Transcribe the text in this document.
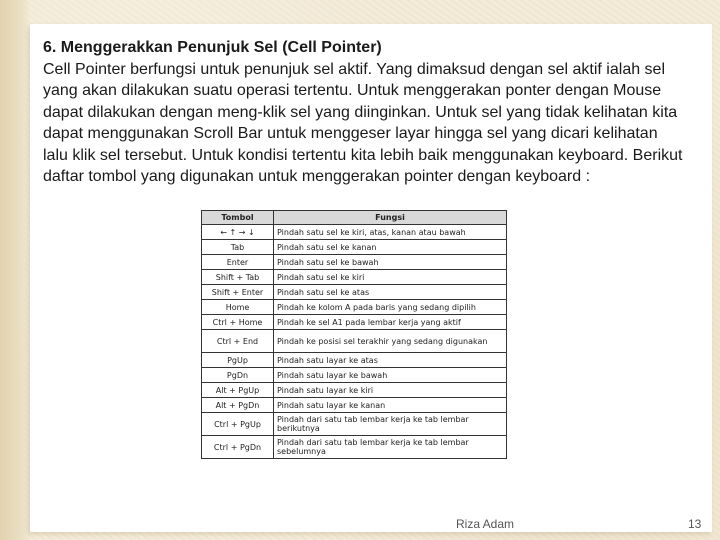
6. Menggerakkan Penunjuk Sel (Cell Pointer)
Cell Pointer berfungsi untuk penunjuk sel aktif. Yang dimaksud dengan sel aktif ialah sel yang akan dilakukan suatu operasi tertentu. Untuk menggerakan ponter dengan Mouse dapat dilakukan dengan meng-klik sel yang diinginkan. Untuk sel yang tidak kelihatan kita dapat menggunakan Scroll Bar untuk menggeser layar hingga sel yang dicari kelihatan lalu klik sel tersebut. Untuk kondisi tertentu kita lebih baik menggunakan keyboard. Berikut daftar tombol yang digunakan untuk menggerakan pointer dengan keyboard :
Tombol	Fungsi
← ↑ → ↓	Pindah satu sel ke kiri, atas, kanan atau bawah
Tab	Pindah satu sel ke kanan
Enter	Pindah satu sel ke bawah
Shift + Tab	Pindah satu sel ke kiri
Shift + Enter	Pindah satu sel ke atas
Home	Pindah ke kolom A pada baris yang sedang dipilih
Ctrl + Home	Pindah ke sel A1 pada lembar kerja yang aktif
Ctrl + End	Pindah ke posisi sel terakhir yang sedang digunakan
PgUp	Pindah satu layar ke atas
PgDn	Pindah satu layar ke bawah
Alt + PgUp	Pindah satu layar ke kiri
Alt + PgDn	Pindah satu layar ke kanan
Ctrl + PgUp	Pindah dari satu tab lembar kerja ke tab lembar berikutnya
Ctrl + PgDn	Pindah dari satu tab lembar kerja ke tab lembar sebelumnya
Riza Adam	13
